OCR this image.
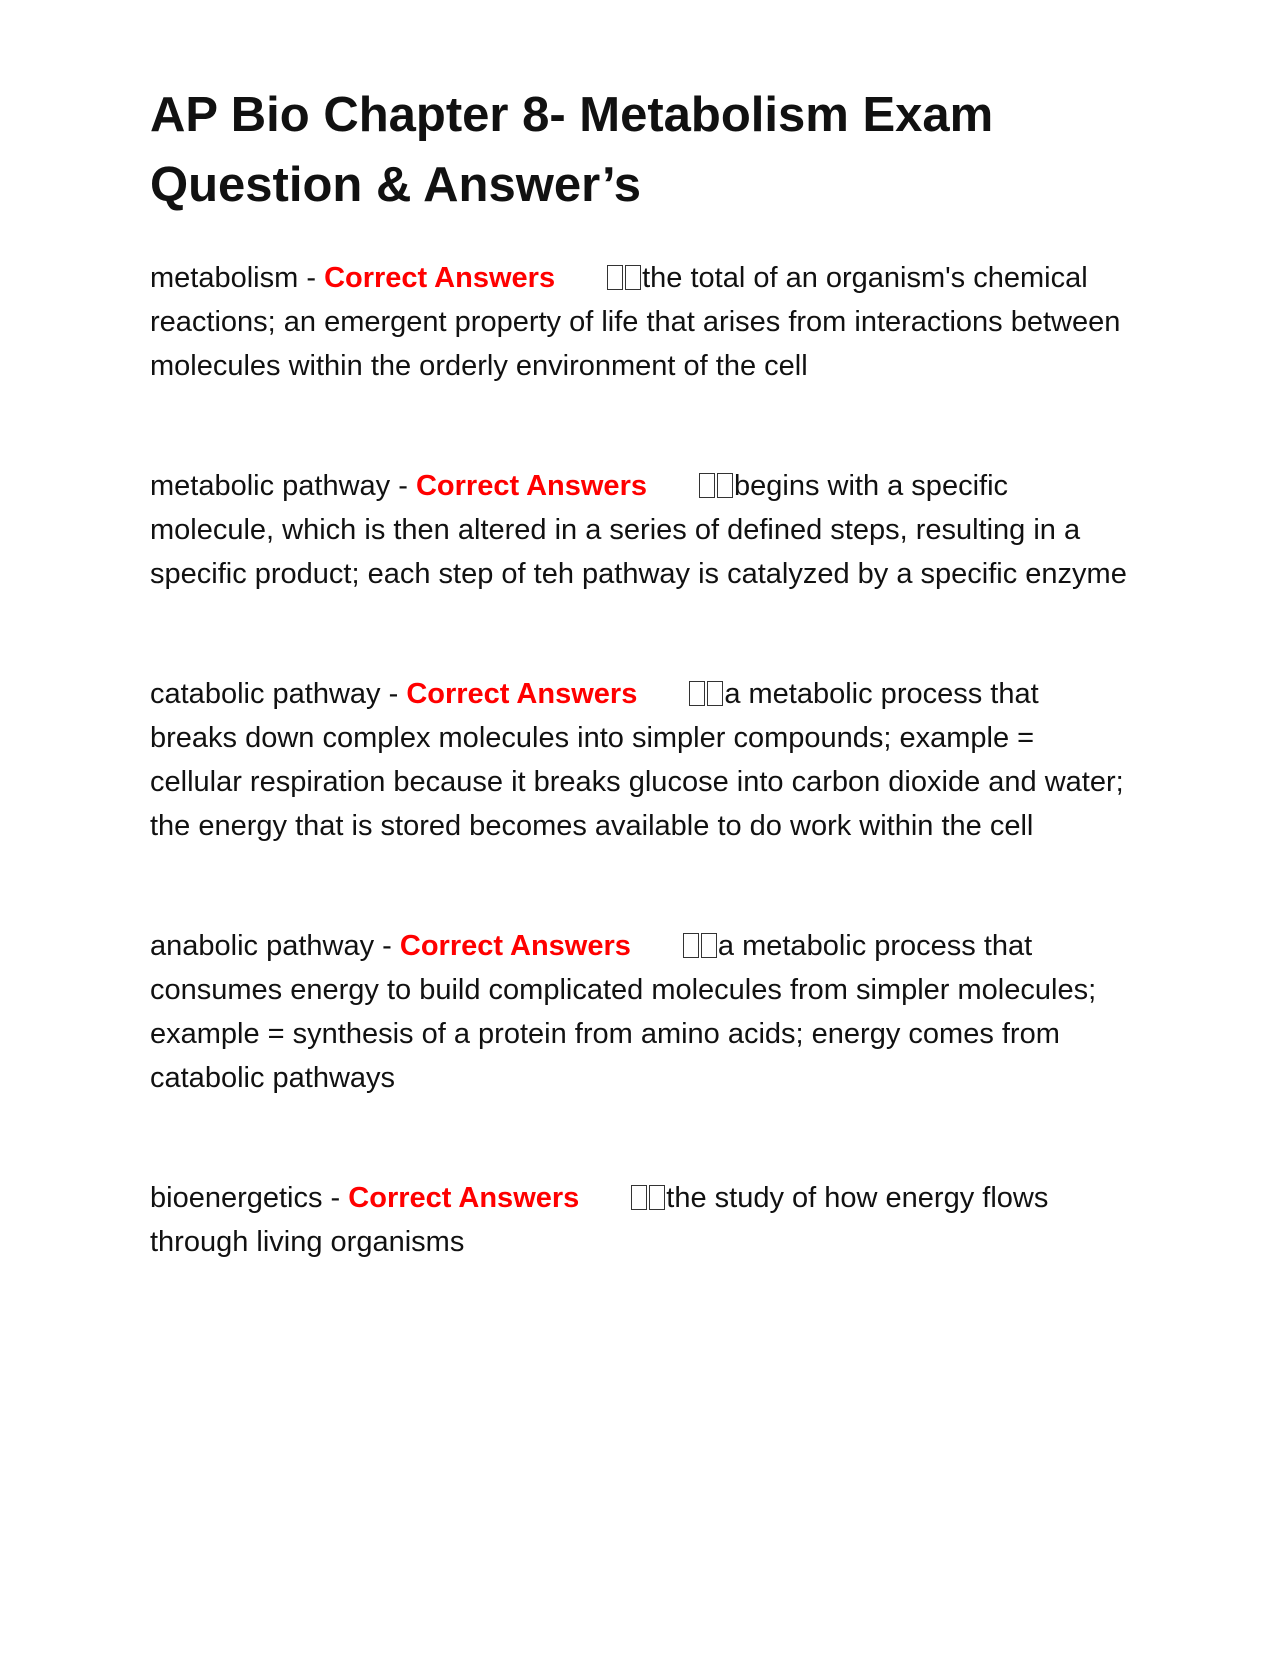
AP Bio Chapter 8- Metabolism Exam Question & Answer’s

metabolism - Correct Answers	the total of an organism's chemical reactions; an emergent property of life that arises from interactions between molecules within the orderly environment of the cell

metabolic pathway - Correct Answers	begins with a specific molecule, which is then altered in a series of defined steps, resulting in a specific product; each step of teh pathway is catalyzed by a specific enzyme

catabolic pathway - Correct Answers	a metabolic process that breaks down complex molecules into simpler compounds; example = cellular respiration because it breaks glucose into carbon dioxide and water; the energy that is stored becomes available to do work within the cell

anabolic pathway - Correct Answers	a metabolic process that consumes energy to build complicated molecules from simpler molecules; example = synthesis of a protein from amino acids; energy comes from catabolic pathways

bioenergetics - Correct Answers	the study of how energy flows through living organisms
